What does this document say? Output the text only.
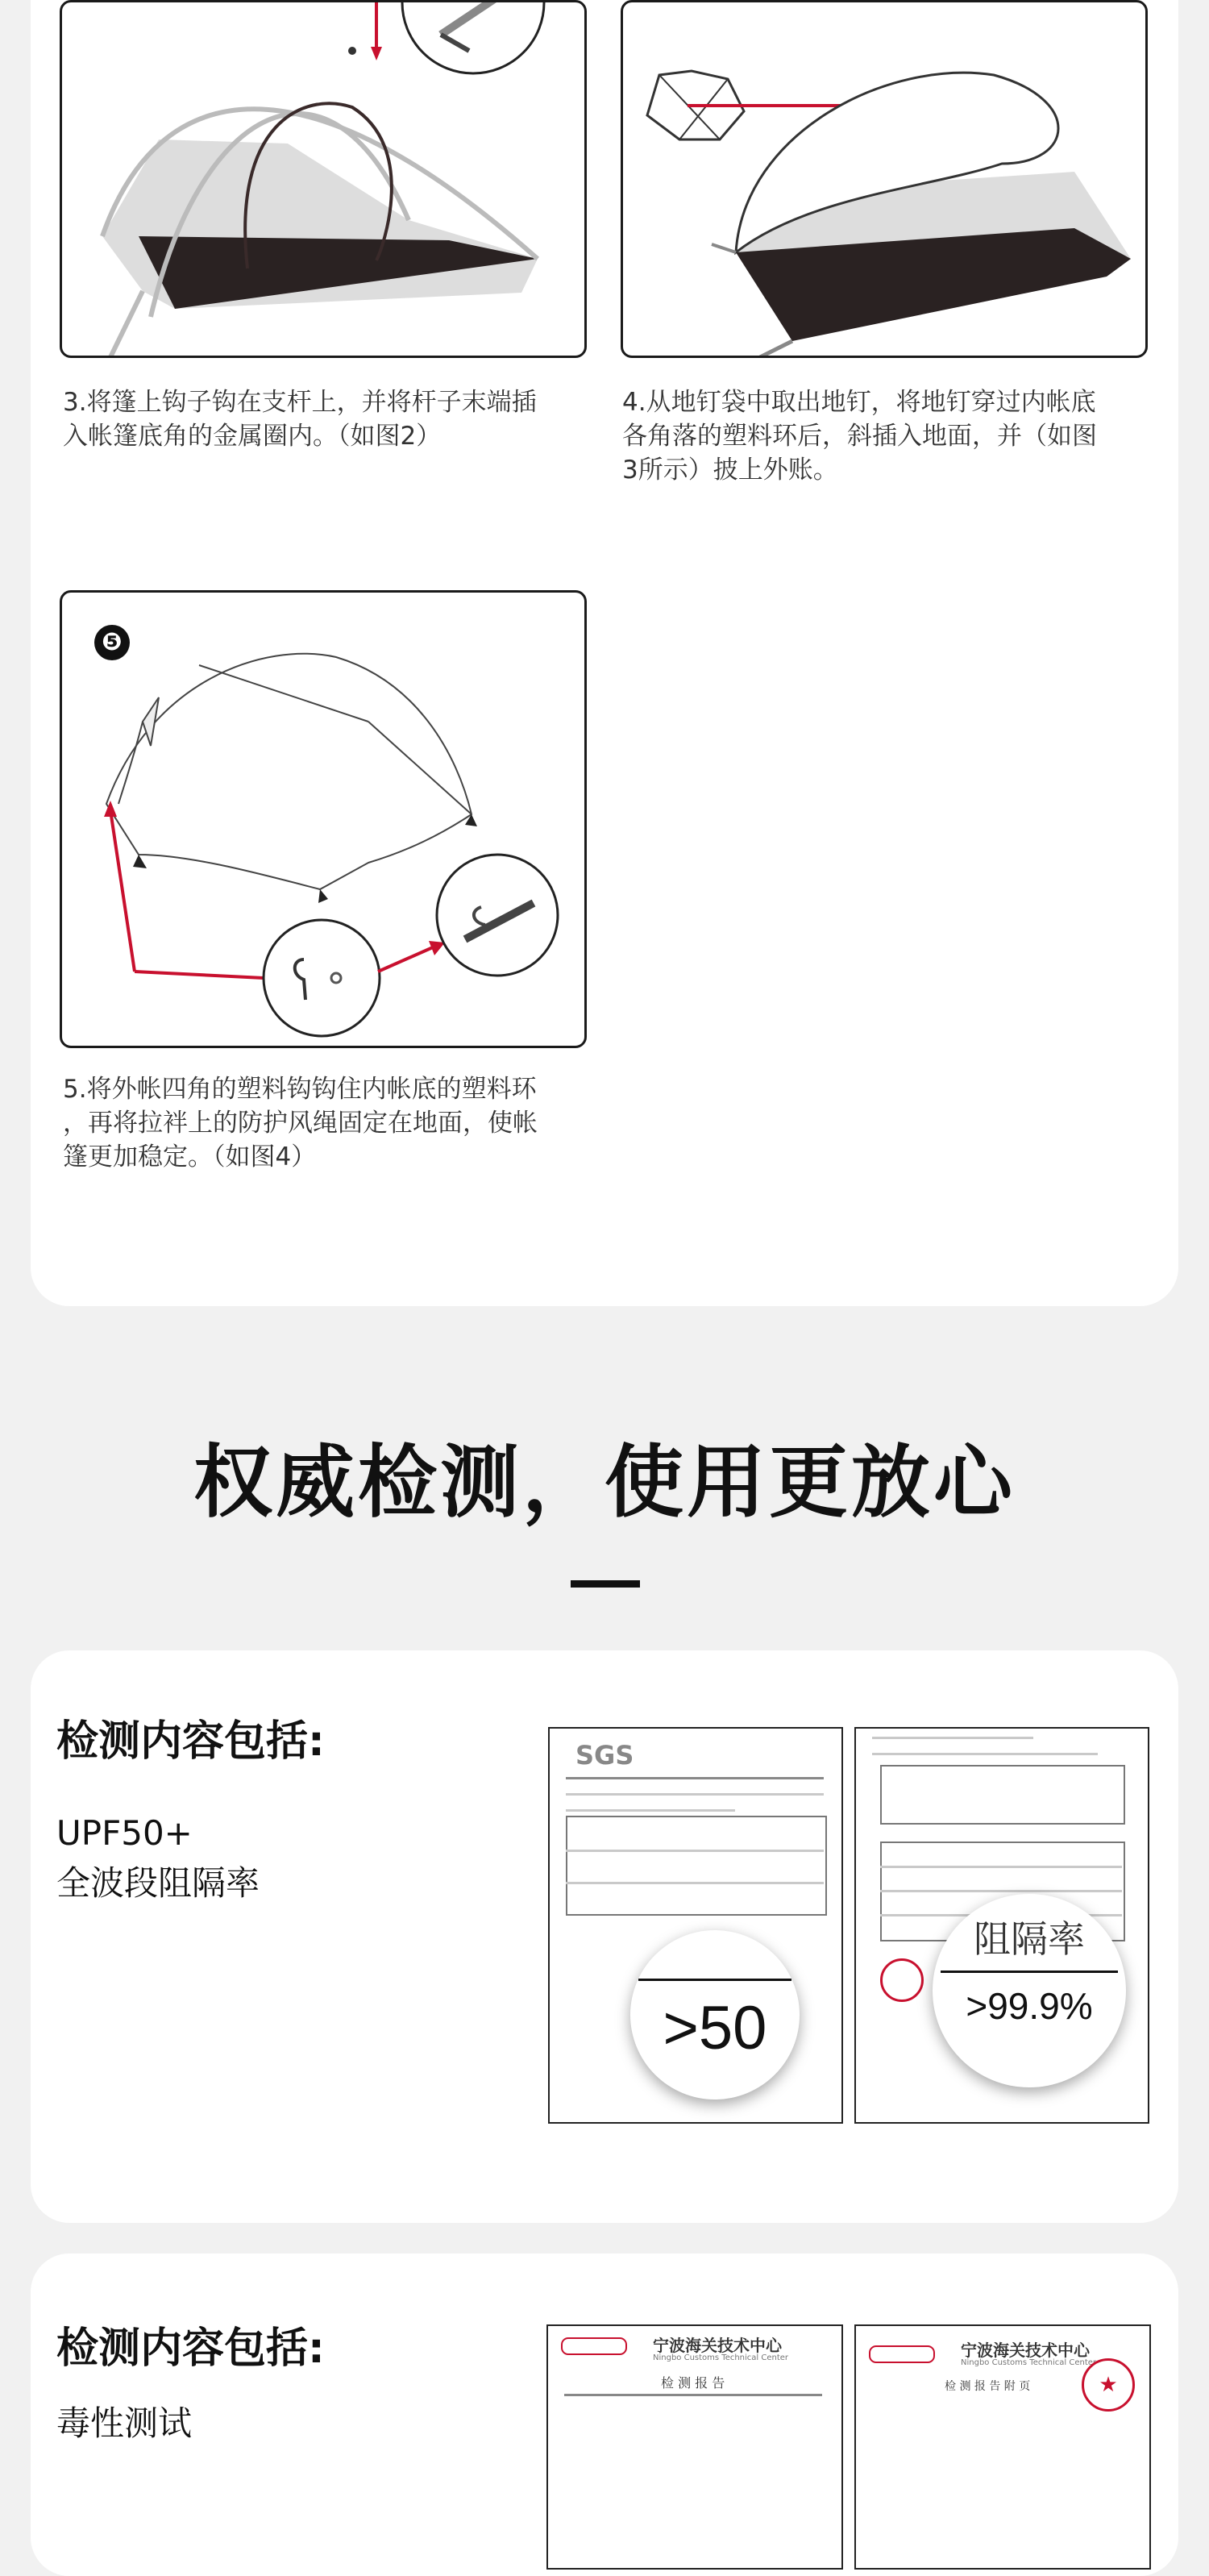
3.将篷上钩子钩在支杆上，并将杆子末端插
入帐篷底角的金属圈内。（如图2）
4.从地钉袋中取出地钉，将地钉穿过内帐底
各角落的塑料环后，斜插入地面，并（如图
3所示）披上外账。
❺
5.将外帐四角的塑料钩钩住内帐底的塑料环
，再将拉袢上的防护风绳固定在地面，使帐
篷更加稳定。（如图4）
权威检测，使用更放心
检测内容包括:
UPF50+
全波段阻隔率
SGS
>50
阻隔率
>99.9%
检测内容包括:
毒性测试
宁波海关技术中心
Ningbo Customs Technical Center
检 测 报 告
宁波海关技术中心
Ningbo Customs Technical Center
检 测 报 告 附 页	★
